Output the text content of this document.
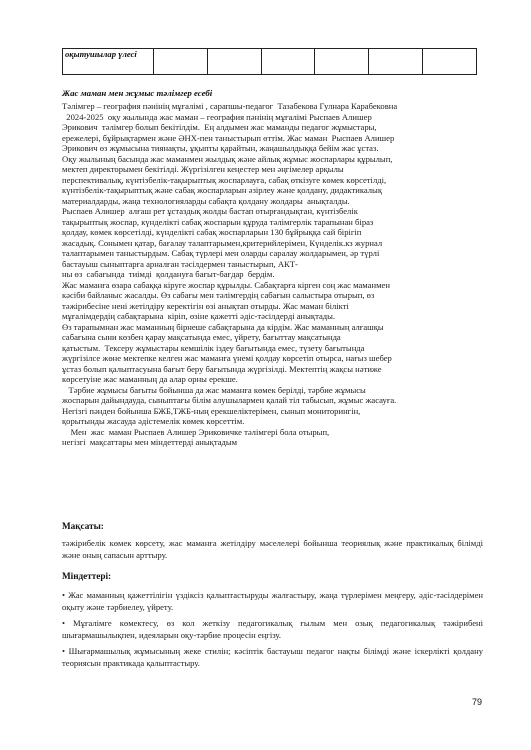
оқытушылар үлесі						
Жас маман мен жұмыс тәлімгер есебі

Тәлімгер – география пәнінің мұғалімі , сарапшы-педагог  Тазабекова Гулнара Карабековна

2024-2025  оқу жылында жас маман – география пәнінің мұғалімі Рыспаев Алишер

Эрикович  тәлімгер болып бекітілдім.  Ең алдымен жас маманды педагог жұмыстары,

ережелері, бұйрықтармен және ӘНХ-пен таныстырып өттім. Жас маман  Рыспаев Алишер

Эрикович өз жұмысына тиянақты, ұқыпты қарайтын, жаңашылдыққа бейім жас ұстаз.

Оқу жылының басында жас маманмен жылдық және айлық жұмыс жоспарлары құрылып,

мектеп директорымен бекітілді. Жүргізілген кеңестер мен әңгімелер арқылы

перспективалық, күнтізбелік-тақырыптық жоспарлауға, сабақ өткізуге көмек көрсетілді,

күнтізбелік-тақырыптық және сабақ жоспарларын әзірлеу және қолдану, дидактикалық

материалдарды, жаңа технологияларды сабақта қолдану жолдары  анықталды.

Рыспаев Алишер  алғаш рет ұстаздық жолды бастап отырғандықтан, күнтізбелік

тақырыптық жоспар, күнделікті сабақ жоспарын құруда тәлімгерлік тарапынан біраз

қолдау, көмек көрсетілді, күнделікті сабақ жоспарларын 130 бұйрыққа сай бірігіп

жасадық. Сонымен қатар, бағалау талаптарымен,критерийлерімен, Күнделік.кз журнал

талаптарымен таныстырдым. Сабақ түрлері мен оларды саралау жолдарымен, әр түрлі

бастауыш сыныптарға арналған тәсілдермен таныстырып, АКТ-

ны өз  сабағында  тиімді  қолдануға бағыт-бағдар  бердім.

Жас маманға өзара сабаққа кіруге жоспар құрылды. Сабақтарға кірген соң жас маманмен

кәсіби байланыс жасалды. Өз сабағы мен тәлімгердің сабағын салыстыра отырып, өз

тәжірибесіне нені жетілдіру керектігін өзі анықтап отырды. Жас маман білікті

мұғалімдердің сабақтарына  кіріп, өзіне қажетті әдіс-тәсілдерді анықтады.

Өз тарапымнан жас маманның бірнеше сабақтарына да кірдім. Жас маманның алғашқы

сабағына сыни көзбен қарау мақсатында емес, үйрету, бағыттау мақсатында

қатыстым.  Тексеру жұмыстары кемшілік іздеу бағытында емес, түзету бағытында

жүргізілсе жөне мектепке келген жас маманға үнемі қолдау көрсетіп отырса, нағыз шебер

ұстаз болып қалыптасуына бағыт беру бағытында жүргізілді. Мектептің жақсы нәтиже

көрсетуіне жас маманның да алар орны ерекше.

Тәрбие жұмысы бағыты бойынша да жас маманға көмек берілді, тәрбие жұмысы

жоспарын дайындауда, сыныптағы білім алушылармен қалай тіл табысып, жұмыс жасауға.

Негізгі пәнден бойынша БЖБ,ТЖБ-ның ерекшеліктерімен, сынып мониторингін,

қорытынды жасауда әдістемелік көмек көрсеттім.

Мен  жас  маман Рыспаев Алишер Эриковичке тәлімгері бола отырып,

негізгі  мақсаттары мен міндеттерді анықтадым

Мақсаты:
тәжірибелік көмек көрсету, жас маманға жетілдіру мәселелері бойынша теориялық және практикалық білімді және оның сапасын арттыру.
Міндеттері:
• Жас маманның қажеттілігін үздіксіз қалыптастыруды жалғастыру, жаңа түрлерімен меңгеру, әдіс-тәсілдерімен оқыту және тәрбиелеу, үйрету.
• Мұғалімге көмектесу, өз кол жеткізу педагогикалық ғылым мен озық педагогикалық тәжірибені шығармашылықпен, идеяларын оқу-тәрбие процесін еңгізу.
• Шығармашылық жұмысының жеке стилін; кәсіптік бастауыш педагог нақты білімді және іскерлікті қолдану теориясын практикада қалыптастыру.
79
